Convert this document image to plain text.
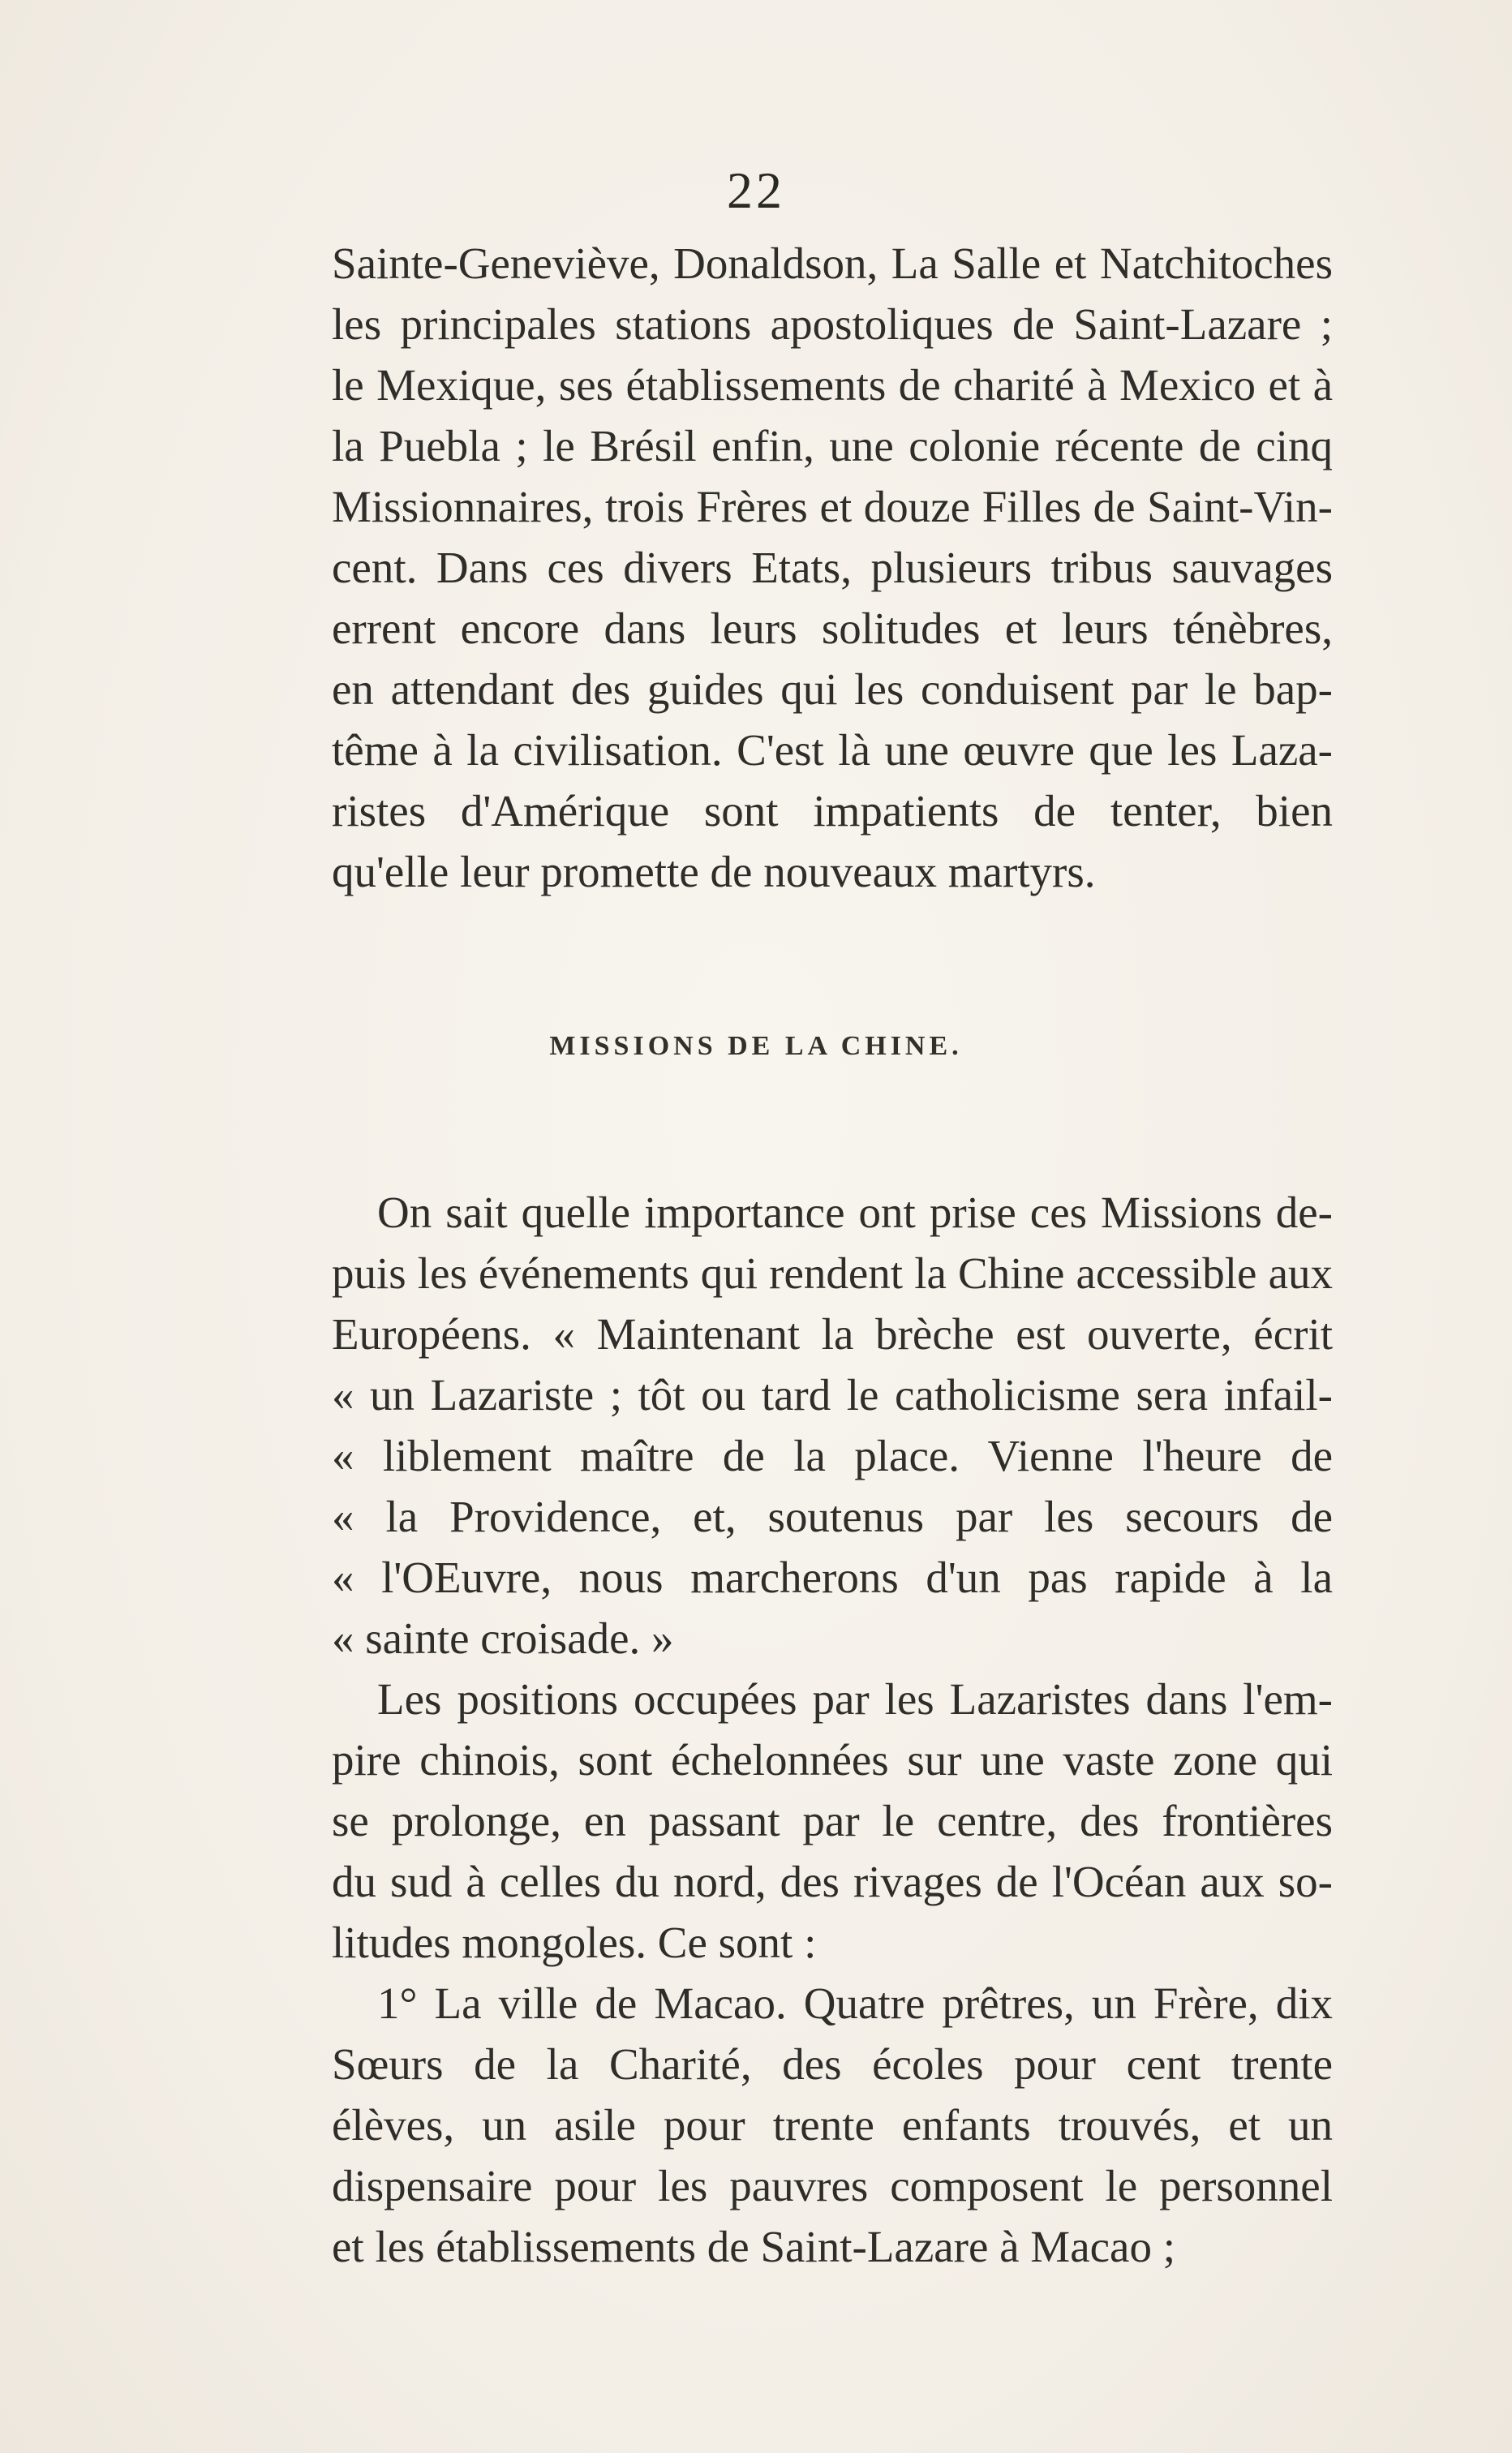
22
Sainte-Geneviève, Donaldson, La Salle et Natchitoches
les principales stations apostoliques de Saint-Lazare ;
le Mexique, ses établissements de charité à Mexico et à
la Puebla ; le Brésil enfin, une colonie récente de cinq
Missionnaires, trois Frères et douze Filles de Saint-Vin-
cent. Dans ces divers Etats, plusieurs tribus sauvages
errent encore dans leurs solitudes et leurs ténèbres,
en attendant des guides qui les conduisent par le bap-
tême à la civilisation. C'est là une œuvre que les Laza-
ristes d'Amérique sont impatients de tenter, bien
qu'elle leur promette de nouveaux martyrs.
MISSIONS DE LA CHINE.
On sait quelle importance ont prise ces Missions de-
puis les événements qui rendent la Chine accessible aux
Européens. « Maintenant la brèche est ouverte, écrit
« un Lazariste ; tôt ou tard le catholicisme sera infail-
« liblement maître de la place. Vienne l'heure de
« la Providence, et, soutenus par les secours de
« l'OEuvre, nous marcherons d'un pas rapide à la
« sainte croisade. »
Les positions occupées par les Lazaristes dans l'em-
pire chinois, sont échelonnées sur une vaste zone qui
se prolonge, en passant par le centre, des frontières
du sud à celles du nord, des rivages de l'Océan aux so-
litudes mongoles. Ce sont :
1° La ville de Macao. Quatre prêtres, un Frère, dix
Sœurs de la Charité, des écoles pour cent trente
élèves, un asile pour trente enfants trouvés, et un
dispensaire pour les pauvres composent le personnel
et les établissements de Saint-Lazare à Macao ;
